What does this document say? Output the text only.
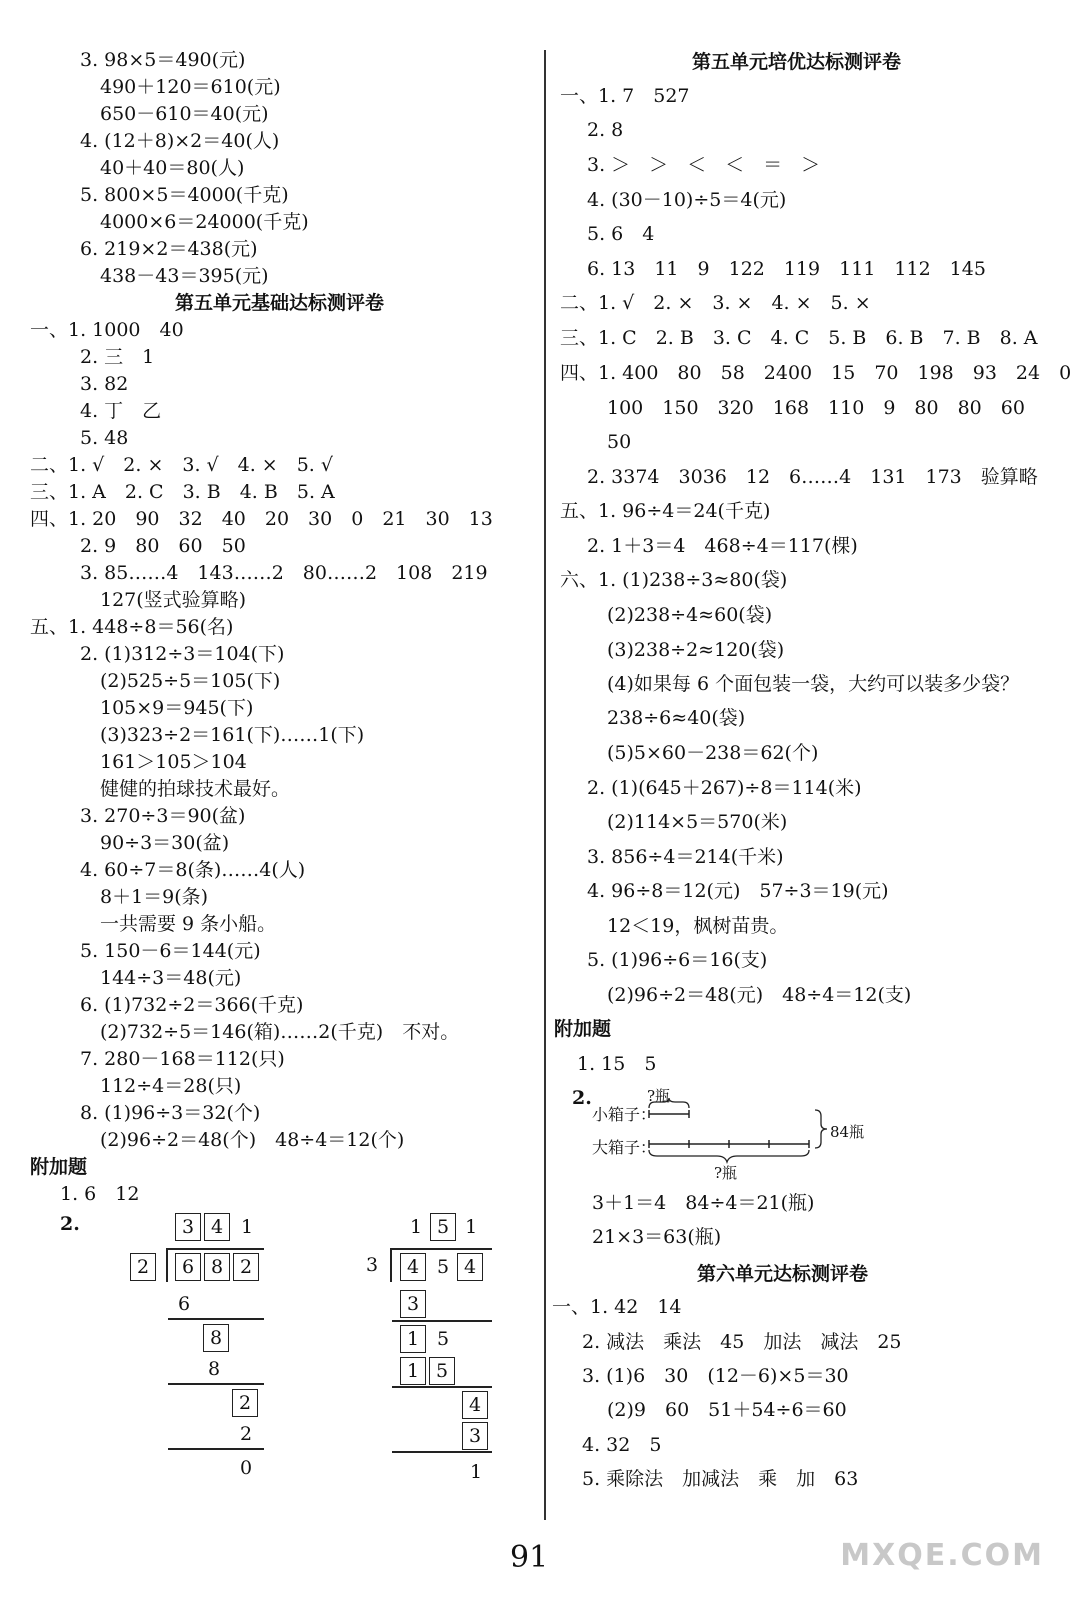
3. 98×5＝490(元)
490＋120＝610(元)
650－610＝40(元)
4. (12＋8)×2＝40(人)
40＋40＝80(人)
5. 800×5＝4000(千克)
4000×6＝24000(千克)
6. 219×2＝438(元)
438－43＝395(元)
第五单元基础达标测评卷
一、1. 1000　40
2. 三　1
3. 82
4. 丁　乙
5. 48
二、1. √　2. ×　3. √　4. ×　5. √
三、1. A　2. C　3. B　4. B　5. A
四、1. 20　90　32　40　20　30　0　21　30　13
2. 9　80　60　50
3. 85……4　143……2　80……2　108　219
127(竖式验算略)
五、1. 448÷8＝56(名)
2. (1)312÷3＝104(下)
(2)525÷5＝105(下)
105×9＝945(下)
(3)323÷2＝161(下)……1(下)
161＞105＞104
健健的拍球技术最好。
3. 270÷3＝90(盆)
90÷3＝30(盆)
4. 60÷7＝8(条)……4(人)
8＋1＝9(条)
一共需要 9 条小船。
5. 150－6＝144(元)
144÷3＝48(元)
6. (1)732÷2＝366(千克)
(2)732÷5＝146(箱)……2(千克)　不对。
7. 280－168＝112(只)
112÷4＝28(只)
8. (1)96÷3＝32(个)
(2)96÷2＝48(个)　48÷4＝12(个)
附加题
1. 6　12
2.	3 4 1
2	6 8 2
6
8
8
2
2
0
1 5 1
3	4 5 4
3
1 5
1 5
4
3
1
第五单元培优达标测评卷
一、1. 7　527
2. 8
3. ＞　＞　＜　＜　＝　＞
4. (30－10)÷5＝4(元)
5. 6　4
6. 13　11　9　122　119　111　112　145
二、1. √　2. ×　3. ×　4. ×　5. ×
三、1. C　2. B　3. C　4. C　5. B　6. B　7. B　8. A
四、1. 400　80　58　2400　15　70　198　93　24　0
100　150　320　168　110　9　80　80　60
50
2. 3374　3036　12　6……4　131　173　验算略
五、1. 96÷4＝24(千克)
2. 1＋3＝4　468÷4＝117(棵)
六、1. (1)238÷3≈80(袋)
(2)238÷4≈60(袋)
(3)238÷2≈120(袋)
(4)如果每 6 个面包装一袋，大约可以装多少袋？
238÷6≈40(袋)
(5)5×60－238＝62(个)
2. (1)(645＋267)÷8＝114(米)
(2)114×5＝570(米)
3. 856÷4＝214(千米)
4. 96÷8＝12(元)　57÷3＝19(元)
12＜19，枫树苗贵。
5. (1)96÷6＝16(支)
(2)96÷2＝48(元)　48÷4＝12(支)
附加题
1. 15　5
2.	?瓶
小箱子：
大箱子：
84瓶
?瓶
3＋1＝4　84÷4＝21(瓶)
21×3＝63(瓶)
第六单元达标测评卷
一、1. 42　14
2. 减法　乘法　45　加法　减法　25
3. (1)6　30　(12－6)×5＝30
(2)9　60　51＋54÷6＝60
4. 32　5
5. 乘除法　加减法　乘　加　63
91	MXQE.COM
